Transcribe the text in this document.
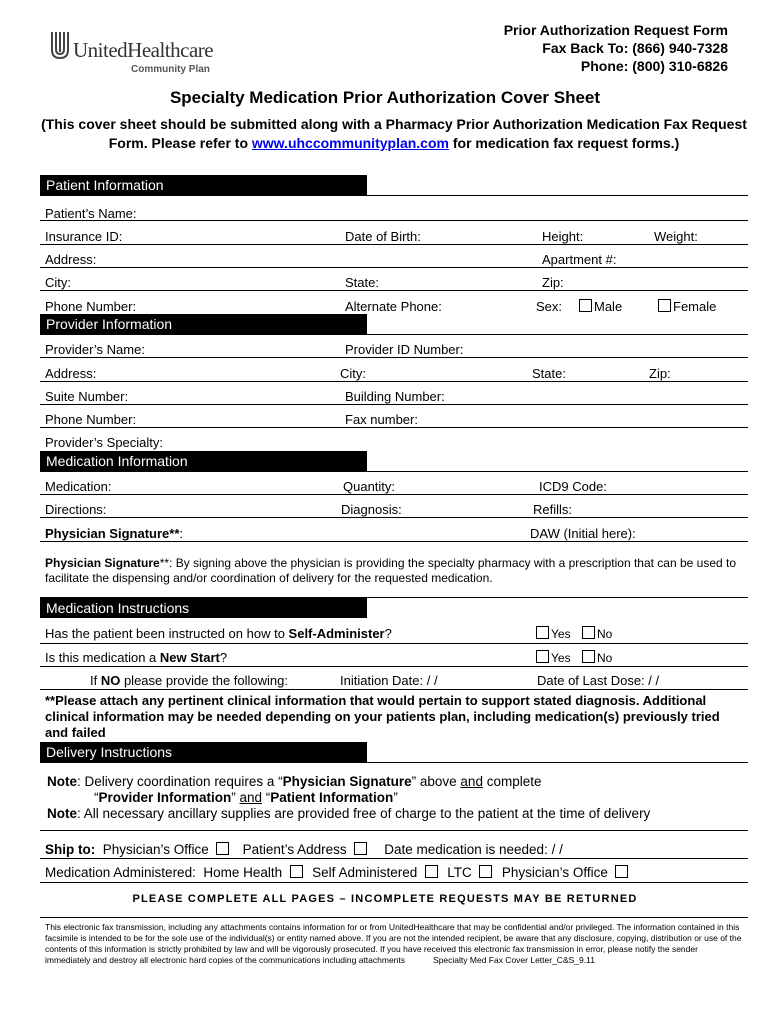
UnitedHealthcare
Community Plan
Prior Authorization Request Form
Fax Back To: (866) 940-7328
Phone: (800) 310-6826
Specialty Medication Prior Authorization Cover Sheet
(This cover sheet should be submitted along with a Pharmacy Prior Authorization Medication Fax Request Form. Please refer to www.uhccommunityplan.com for medication fax request forms.)
Patient Information
Patient’s Name:
Insurance ID:	Date of Birth:	Height:	Weight:
Address:	Apartment #:
City:	State:	Zip:
Phone Number:	Alternate Phone:	Sex:	Male	Female
Provider Information
Provider’s Name:	Provider ID Number:
Address:	City:	State:	Zip:
Suite Number:	Building Number:
Phone Number:	Fax number:
Provider’s Specialty:
Medication Information
Medication:	Quantity:	ICD9 Code:
Directions:	Diagnosis:	Refills:
Physician Signature**:	DAW (Initial here):
Physician Signature**: By signing above the physician is providing the specialty pharmacy with a prescription that can be used to facilitate the dispensing and/or coordination of delivery for the requested medication.
Medication Instructions
Has the patient been instructed on how to Self-Administer?	Yes	No
Is this medication a New Start?	Yes	No
If NO please provide the following:	Initiation Date: / /	Date of Last Dose: / /
**Please attach any pertinent clinical information that would pertain to support stated diagnosis. Additional clinical information may be needed depending on your patients plan, including medication(s) previously tried and failed
Delivery Instructions
Note: Delivery coordination requires a “Physician Signature” above and complete
“Provider Information” and “Patient Information”
Note: All necessary ancillary supplies are provided free of charge to the patient at the time of delivery
Ship to: Physician’s Office	Patient’s Address	Date medication is needed: / /
Medication Administered: Home Health Self Administered LTC Physician’s Office
PLEASE COMPLETE ALL PAGES – INCOMPLETE REQUESTS MAY BE RETURNED
This electronic fax transmission, including any attachments contains information for or from UnitedHealthcare that may be confidential and/or privileged. The information contained in this facsimile is intended to be for the sole use of the individual(s) or entity named above. If you are not the intended recipient, be aware that any disclosure, copying, distribution or use of the contents of this information is strictly prohibited by law and will be vigorously prosecuted. If you have received this electronic fax transmission in error, please notify the sender immediately and destroy all electronic hard copies of the communications including attachments	Specialty Med Fax Cover Letter_C&S_9.11
